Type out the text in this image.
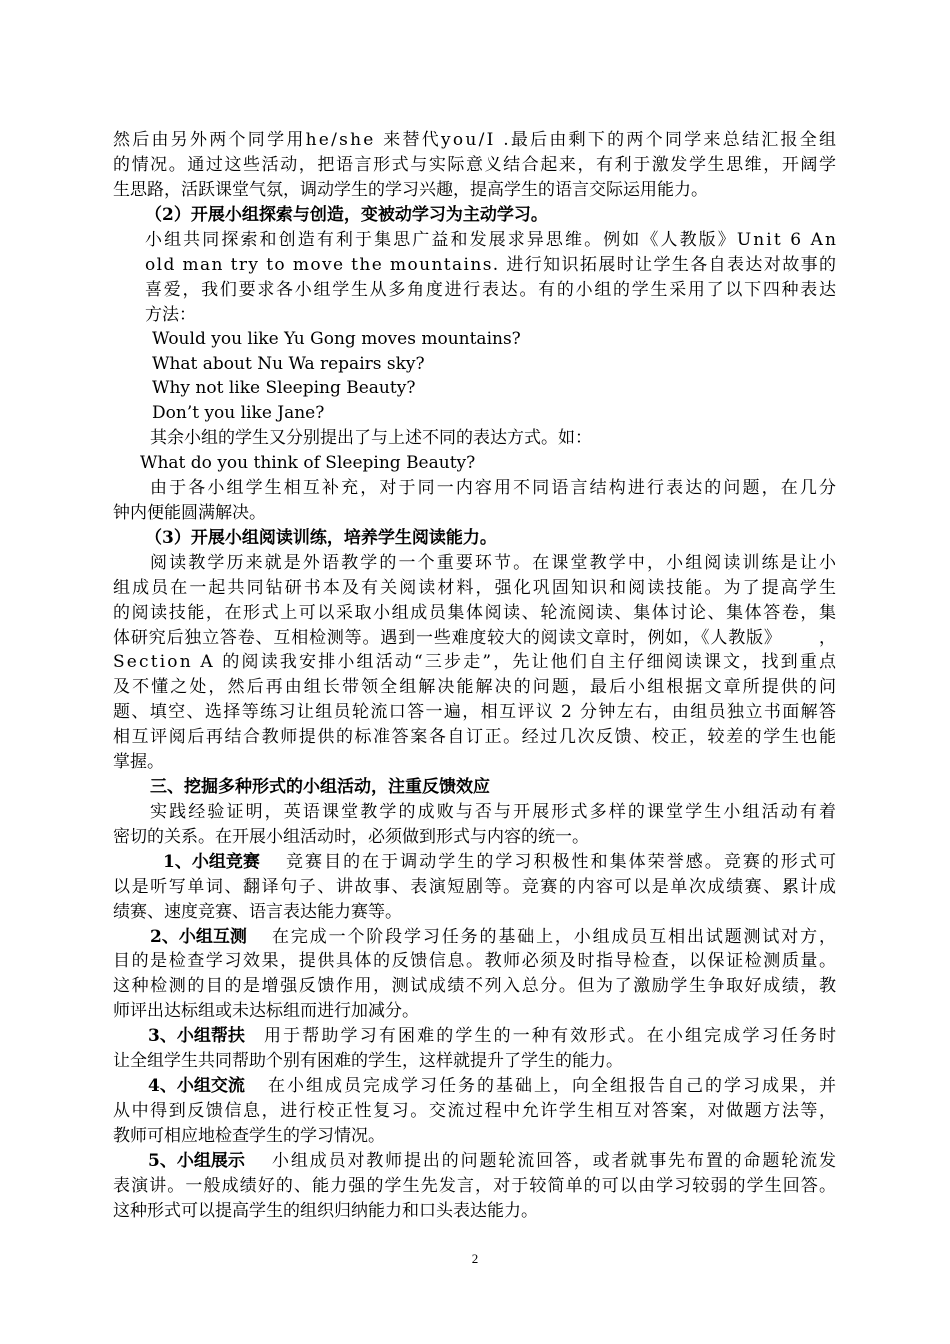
然后由另外两个同学用he/she 来替代you/I .最后由剩下的两个同学来总结汇报全组
的情况。通过这些活动，把语言形式与实际意义结合起来，有利于激发学生思维，开阔学
生思路，活跃课堂气氛，调动学生的学习兴趣，提高学生的语言交际运用能力。
（2）开展小组探索与创造，变被动学习为主动学习。
小组共同探索和创造有利于集思广益和发展求异思维。例如《人教版》Unit 6 An
old man try to move the mountains. 进行知识拓展时让学生各自表达对故事的
喜爱，我们要求各小组学生从多角度进行表达。有的小组的学生采用了以下四种表达
方法：
Would you like Yu Gong moves mountains?
What about Nu Wa repairs sky?
Why not like Sleeping Beauty?
Don’t you like Jane?
其余小组的学生又分别提出了与上述不同的表达方式。如：
What do you think of Sleeping Beauty?
由于各小组学生相互补充，对于同一内容用不同语言结构进行表达的问题，在几分
钟内便能圆满解决。
（3）开展小组阅读训练，培养学生阅读能力。
阅读教学历来就是外语教学的一个重要环节。在课堂教学中，小组阅读训练是让小
组成员在一起共同钻研书本及有关阅读材料，强化巩固知识和阅读技能。为了提高学生
的阅读技能，在形式上可以采取小组成员集体阅读、轮流阅读、集体讨论、集体答卷，集
体研究后独立答卷、互相检测等。遇到一些难度较大的阅读文章时，例如，《人教版》      ，
Section A 的阅读我安排小组活动“三步走”，先让他们自主仔细阅读课文，找到重点
及不懂之处，然后再由组长带领全组解决能解决的问题，最后小组根据文章所提供的问
题、填空、选择等练习让组员轮流口答一遍，相互评议 2 分钟左右，由组员独立书面解答
相互评阅后再结合教师提供的标准答案各自订正。经过几次反馈、校正，较差的学生也能
掌握。
三、挖掘多种形式的小组活动，注重反馈效应
实践经验证明，英语课堂教学的成败与否与开展形式多样的课堂学生小组活动有着
密切的关系。在开展小组活动时，必须做到形式与内容的统一。
1、小组竞赛 竞赛目的在于调动学生的学习积极性和集体荣誉感。竞赛的形式可
以是听写单词、翻译句子、讲故事、表演短剧等。竞赛的内容可以是单次成绩赛、累计成
绩赛、速度竞赛、语言表达能力赛等。
2、小组互测 在完成一个阶段学习任务的基础上，小组成员互相出试题测试对方，
目的是检查学习效果，提供具体的反馈信息。教师必须及时指导检查，以保证检测质量。
这种检测的目的是增强反馈作用，测试成绩不列入总分。但为了激励学生争取好成绩，教
师评出达标组或未达标组而进行加减分。
3、小组帮扶 用于帮助学习有困难的学生的一种有效形式。在小组完成学习任务时
让全组学生共同帮助个别有困难的学生，这样就提升了学生的能力。
4、小组交流 在小组成员完成学习任务的基础上，向全组报告自己的学习成果，并
从中得到反馈信息，进行校正性复习。交流过程中允许学生相互对答案，对做题方法等，
教师可相应地检查学生的学习情况。
5、小组展示 小组成员对教师提出的问题轮流回答，或者就事先布置的命题轮流发
表演讲。一般成绩好的、能力强的学生先发言，对于较简单的可以由学习较弱的学生回答。
这种形式可以提高学生的组织归纳能力和口头表达能力。
2
